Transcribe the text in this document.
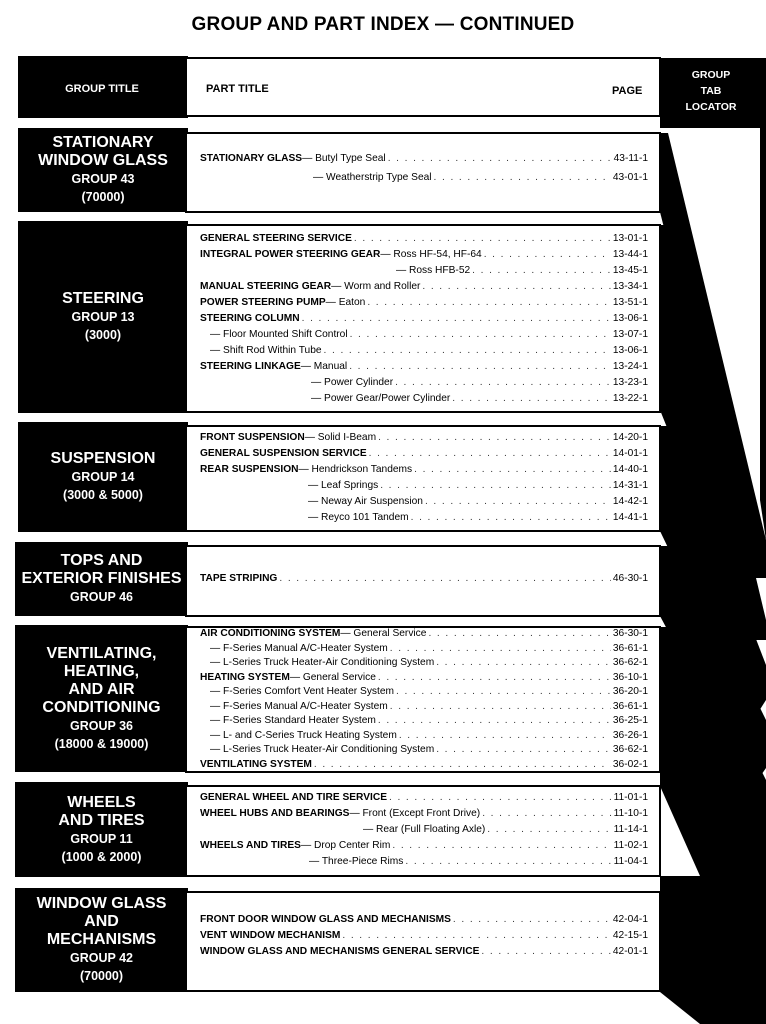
GROUP AND PART INDEX — CONTINUED
GROUP TITLE	PART TITLE	PAGE
GROUP
TAB
LOCATOR
STATIONARY
WINDOW GLASS
GROUP 43
(70000)
STATIONARY GLASS — Butyl Type Seal . . .	43-11-1
— Weatherstrip Type Seal . . .	43-01-1
STEERING
GROUP 13
(3000)
GENERAL STEERING SERVICE . . .	13-01-1
INTEGRAL POWER STEERING GEAR — Ross HF-54, HF-64 . . .	13-44-1
— Ross HFB-52 . . .	13-45-1
MANUAL STEERING GEAR — Worm and Roller . . .	13-34-1
POWER STEERING PUMP — Eaton . . .	13-51-1
STEERING COLUMN . . .	13-06-1
— Floor Mounted Shift Control . . .	13-07-1
— Shift Rod Within Tube . . .	13-06-1
STEERING LINKAGE — Manual . . .	13-24-1
— Power Cylinder . . .	13-23-1
— Power Gear/Power Cylinder . . .	13-22-1
SUSPENSION
GROUP 14
(3000 & 5000)
FRONT SUSPENSION — Solid I-Beam . . .	14-20-1
GENERAL SUSPENSION SERVICE . . .	14-01-1
REAR SUSPENSION — Hendrickson Tandems . . .	14-40-1
— Leaf Springs . . .	14-31-1
— Neway Air Suspension . . .	14-42-1
— Reyco 101 Tandem . . .	14-41-1
TOPS AND
EXTERIOR FINISHES
GROUP 46
TAPE STRIPING . . .	46-30-1
VENTILATING,
HEATING,
AND AIR
CONDITIONING
GROUP 36
(18000 & 19000)
AIR CONDITIONING SYSTEM — General Service . . .	36-30-1
— F-Series Manual A/C-Heater System . . .	36-61-1
— L-Series Truck Heater-Air Conditioning System . . .	36-62-1
HEATING SYSTEM — General Service . . .	36-10-1
— F-Series Comfort Vent Heater System . . .	36-20-1
— F-Series Manual A/C-Heater System . . .	36-61-1
— F-Series Standard Heater System . . .	36-25-1
— L- and C-Series Truck Heating System . . .	36-26-1
— L-Series Truck Heater-Air Conditioning System . . .	36-62-1
VENTILATING SYSTEM . . .	36-02-1
WHEELS
AND TIRES
GROUP 11
(1000 & 2000)
GENERAL WHEEL AND TIRE SERVICE . . .	11-01-1
WHEEL HUBS AND BEARINGS — Front (Except Front Drive) . . .	11-10-1
— Rear (Full Floating Axle) . . .	11-14-1
WHEELS AND TIRES — Drop Center Rim . . .	11-02-1
— Three-Piece Rims . . .	11-04-1
WINDOW GLASS
AND
MECHANISMS
GROUP 42
(70000)
FRONT DOOR WINDOW GLASS AND MECHANISMS . . .	42-04-1
VENT WINDOW MECHANISM . . .	42-15-1
WINDOW GLASS AND MECHANISMS GENERAL SERVICE . . .	42-01-1
